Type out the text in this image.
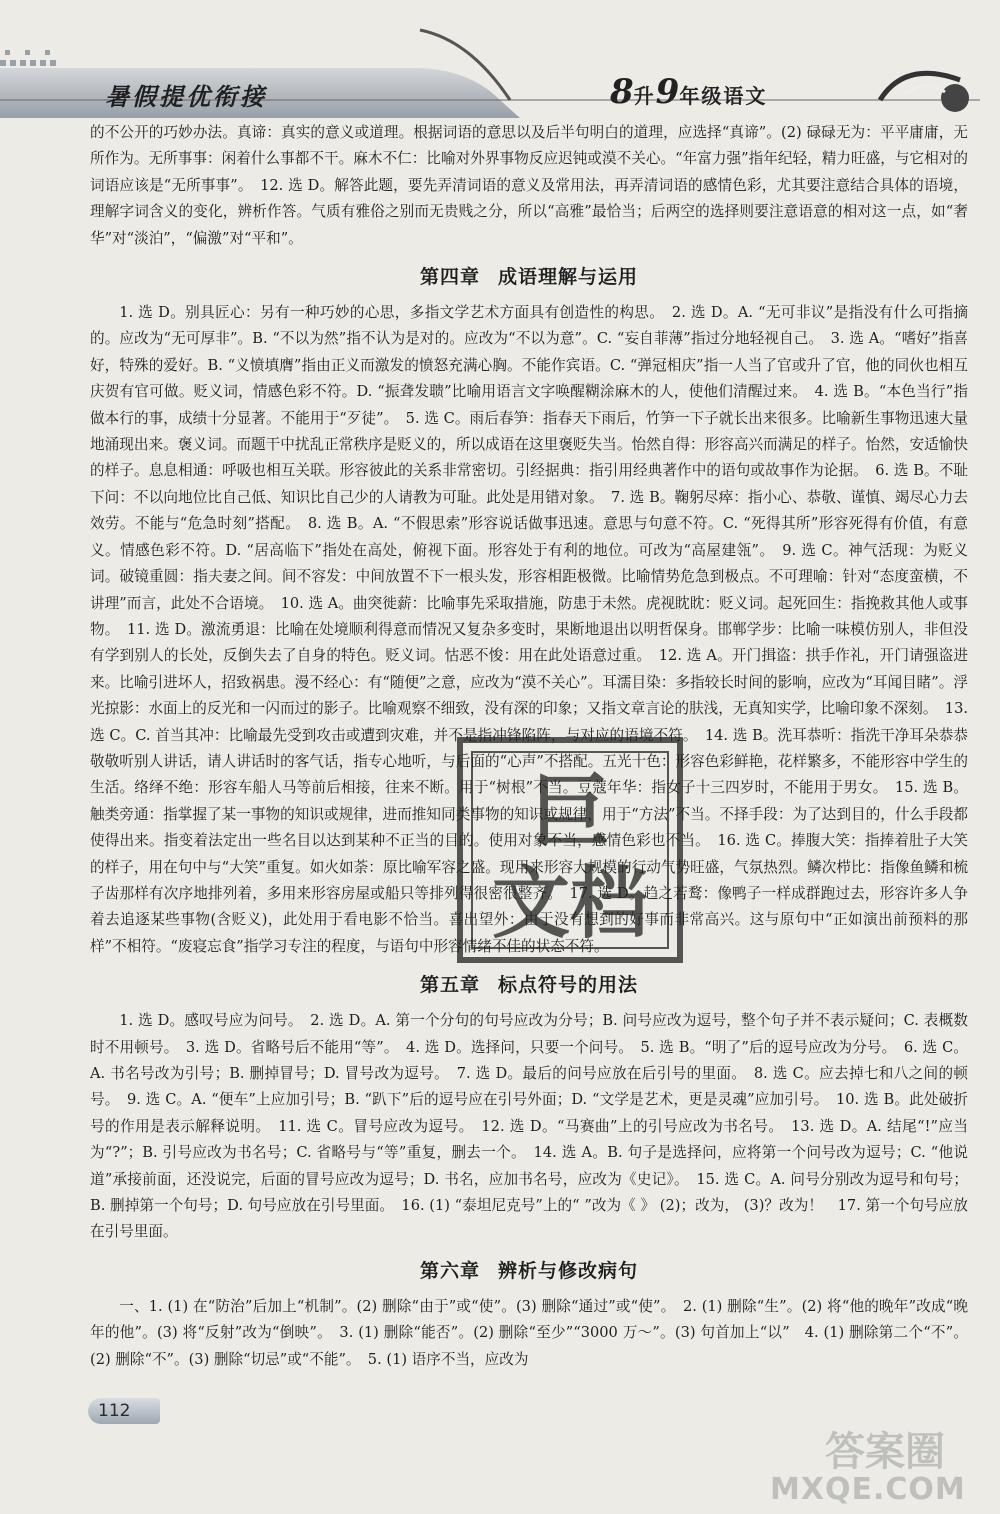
暑假提优衔接	8升9年级语文

的不公开的巧妙办法。真谛：真实的意义或道理。根据词语的意思以及后半句明白的道理，应选择“真谛”。(2) 碌碌无为：平平庸庸，无所作为。无所事事：闲着什么事都不干。麻木不仁：比喻对外界事物反应迟钝或漠不关心。“年富力强”指年纪轻，精力旺盛，与它相对的词语应该是“无所事事”。　12. 选 D。解答此题，要先弄清词语的意义及常用法，再弄清词语的感情色彩，尤其要注意结合具体的语境，理解字词含义的变化，辨析作答。气质有雅俗之别而无贵贱之分，所以“高雅”最恰当；后两空的选择则要注意语意的相对这一点，如“奢华”对“淡泊”，“偏激”对“平和”。

第四章 成语理解与运用

1. 选 D。别具匠心：另有一种巧妙的心思，多指文学艺术方面具有创造性的构思。　2. 选 D。A. “无可非议”是指没有什么可指摘的。应改为“无可厚非”。B. “不以为然”指不认为是对的。应改为“不以为意”。C. “妄自菲薄”指过分地轻视自己。　3. 选 A。“嗜好”指喜好，特殊的爱好。B. “义愤填膺”指由正义而激发的愤怒充满心胸。不能作宾语。C. “弹冠相庆”指一人当了官或升了官，他的同伙也相互庆贺有官可做。贬义词，情感色彩不符。D. “振聋发聩”比喻用语言文字唤醒糊涂麻木的人，使他们清醒过来。　4. 选 B。“本色当行”指做本行的事，成绩十分显著。不能用于“歹徒”。　5. 选 C。雨后春笋：指春天下雨后，竹笋一下子就长出来很多。比喻新生事物迅速大量地涌现出来。褒义词。而题干中扰乱正常秩序是贬义的，所以成语在这里褒贬失当。怡然自得：形容高兴而满足的样子。怡然，安适愉快的样子。息息相通：呼吸也相互关联。形容彼此的关系非常密切。引经据典：指引用经典著作中的语句或故事作为论据。　6. 选 B。不耻下问：不以向地位比自己低、知识比自己少的人请教为可耻。此处是用错对象。　7. 选 B。鞠躬尽瘁：指小心、恭敬、谨慎、竭尽心力去效劳。不能与“危急时刻”搭配。　8. 选 B。A. “不假思索”形容说话做事迅速。意思与句意不符。C. “死得其所”形容死得有价值，有意义。情感色彩不符。D. “居高临下”指处在高处，俯视下面。形容处于有利的地位。可改为“高屋建瓴”。　9. 选 C。神气活现：为贬义词。破镜重圆：指夫妻之间。间不容发：中间放置不下一根头发，形容相距极微。比喻情势危急到极点。不可理喻：针对“态度蛮横，不讲理”而言，此处不合语境。　10. 选 A。曲突徙薪：比喻事先采取措施，防患于未然。虎视眈眈：贬义词。起死回生：指挽救其他人或事物。　11. 选 D。激流勇退：比喻在处境顺利得意而情况又复杂多变时，果断地退出以明哲保身。邯郸学步：比喻一味模仿别人，非但没有学到别人的长处，反倒失去了自身的特色。贬义词。怙恶不悛：用在此处语意过重。　12. 选 A。开门揖盗：拱手作礼，开门请强盗进来。比喻引进坏人，招致祸患。漫不经心：有“随便”之意，应改为“漠不关心”。耳濡目染：多指较长时间的影响，应改为“耳闻目睹”。浮光掠影：水面上的反光和一闪而过的影子。比喻观察不细致，没有深的印象；又指文章言论的肤浅，无真知实学，比喻印象不深刻。　13. 选 C。C. 首当其冲：比喻最先受到攻击或遭到灾难，并不是指冲锋陷阵，与对应的语境不符。　14. 选 B。洗耳恭听：指洗干净耳朵恭恭敬敬听别人讲话，请人讲话时的客气话，指专心地听，与后面的“心声”不搭配。五光十色：形容色彩鲜艳，花样繁多，不能形容中学生的生活。络绎不绝：形容车船人马等前后相接，往来不断。用于“树根”不当。豆蔻年华：指女子十三四岁时，不能用于男女。　15. 选 B。触类旁通：指掌握了某一事物的知识或规律，进而推知同类事物的知识或规律，用于“方法”不当。不择手段：为了达到目的，什么手段都使得出来。指变着法定出一些名目以达到某种不正当的目的。使用对象不当，感情色彩也不当。　16. 选 C。捧腹大笑：指捧着肚子大笑的样子，用在句中与“大笑”重复。如火如荼：原比喻军容之盛。现用来形容大规模的行动气势旺盛，气氛热烈。鳞次栉比：指像鱼鳞和梳子齿那样有次序地排列着，多用来形容房屋或船只等排列得很密很整齐。　17. 选 D。趋之若鹜：像鸭子一样成群跑过去，形容许多人争着去追逐某些事物(含贬义)，此处用于看电影不恰当。喜出望外：由于没有想到的好事而非常高兴。这与原句中“正如演出前预料的那样”不相符。“废寝忘食”指学习专注的程度，与语句中形容情绪不佳的状态不符。

第五章 标点符号的用法

1. 选 D。感叹号应为问号。　2. 选 D。A. 第一个分句的句号应改为分号；B. 问号应改为逗号，整个句子并不表示疑问；C. 表概数时不用顿号。　3. 选 D。省略号后不能用“等”。　4. 选 D。选择问，只要一个问号。　5. 选 B。“明了”后的逗号应改为分号。　6. 选 C。A. 书名号改为引号；B. 删掉冒号；D. 冒号改为逗号。　7. 选 D。最后的问号应放在后引号的里面。　8. 选 C。应去掉七和八之间的顿号。　9. 选 C。A. “便车”上应加引号；B. “趴下”后的逗号应在引号外面；D. “文学是艺术，更是灵魂”应加引号。　10. 选 B。此处破折号的作用是表示解释说明。　11. 选 C。冒号应改为逗号。　12. 选 D。“马赛曲”上的引号应改为书名号。　13. 选 D。A. 结尾“!”应当为“?”；B. 引号应改为书名号；C. 省略号与“等”重复，删去一个。　14. 选 A。B. 句子是选择问，应将第一个问号改为逗号；C. “他说道”承接前面，还没说完，后面的冒号应改为逗号；D. 书名，应加书名号，应改为《史记》。　15. 选 C。A. 问号分别改为逗号和句号；B. 删掉第一个句号；D. 句号应放在引号里面。　16. (1) “泰坦尼克号”上的“ ”改为《 》 (2)；改为， (3)？改为！　17. 第一个句号应放在引号里面。

第六章 辨析与修改病句

一、1. (1) 在“防治”后加上“机制”。(2) 删除“由于”或“使”。(3) 删除“通过”或“使”。　2. (1) 删除“生”。(2) 将“他的晚年”改成“晚年的他”。(3) 将“反射”改为“倒映”。　3. (1) 删除“能否”。(2) 删除“至少”“3000 万～”。(3) 句首加上“以”　4. (1) 删除第二个“不”。(2) 删除“不”。(3) 删除“切忌”或“不能”。　5. (1) 语序不当，应改为

巨
文档
112
答案圈
MXQE.COM
